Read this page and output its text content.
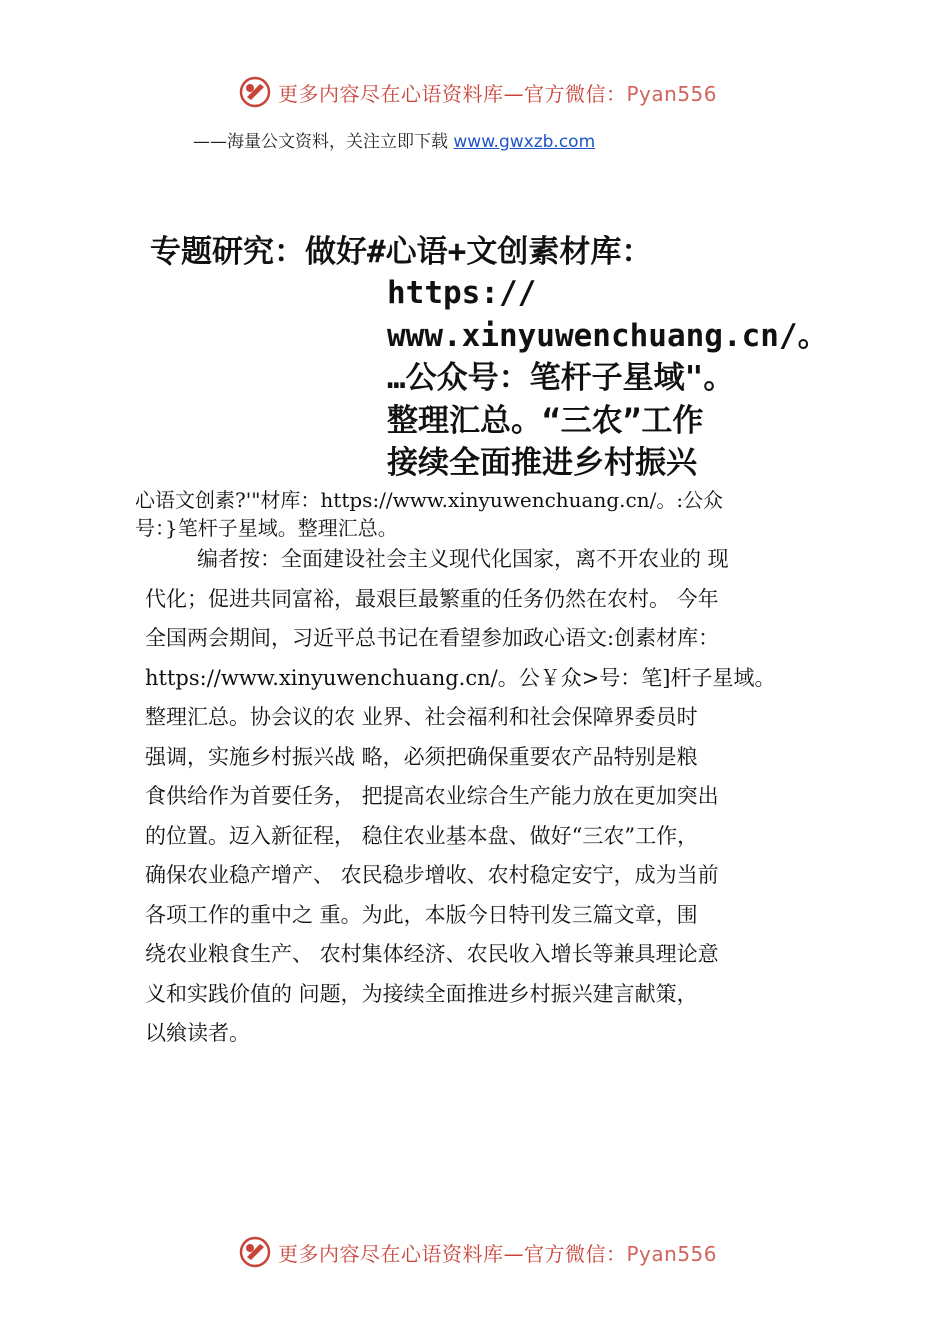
更多内容尽在心语资料库—官方微信：Pyan556
——海量公文资料，关注立即下载 www.gwxzb.com
专题研究：做好#心语+文创素材库：
https://
www.xinyuwenchuang.cn/。
…公众号：笔杆子星域"。
整理汇总。“三农”工作
接续全面推进乡村振兴
心语文创素?'"材库：https://www.xinyuwenchuang.cn/。:公众
号：}笔杆子星域。整理汇总。
编者按：全面建设社会主义现代化国家，离不开农业的 现
代化；促进共同富裕，最艰巨最繁重的任务仍然在农村。 今年
全国两会期间，习近平总书记在看望参加政心语文:创素材库：
https://www.xinyuwenchuang.cn/。公￥众>号：笔]杆子星域。
整理汇总。协会议的农 业界、社会福利和社会保障界委员时
强调，实施乡村振兴战 略，必须把确保重要农产品特别是粮
食供给作为首要任务， 把提高农业综合生产能力放在更加突出
的位置。迈入新征程， 稳住农业基本盘、做好“三农”工作，
确保农业稳产增产、 农民稳步增收、农村稳定安宁，成为当前
各项工作的重中之 重。为此，本版今日特刊发三篇文章，围
绕农业粮食生产、 农村集体经济、农民收入增长等兼具理论意
义和实践价值的 问题，为接续全面推进乡村振兴建言献策，
以飨读者。
更多内容尽在心语资料库—官方微信：Pyan556
